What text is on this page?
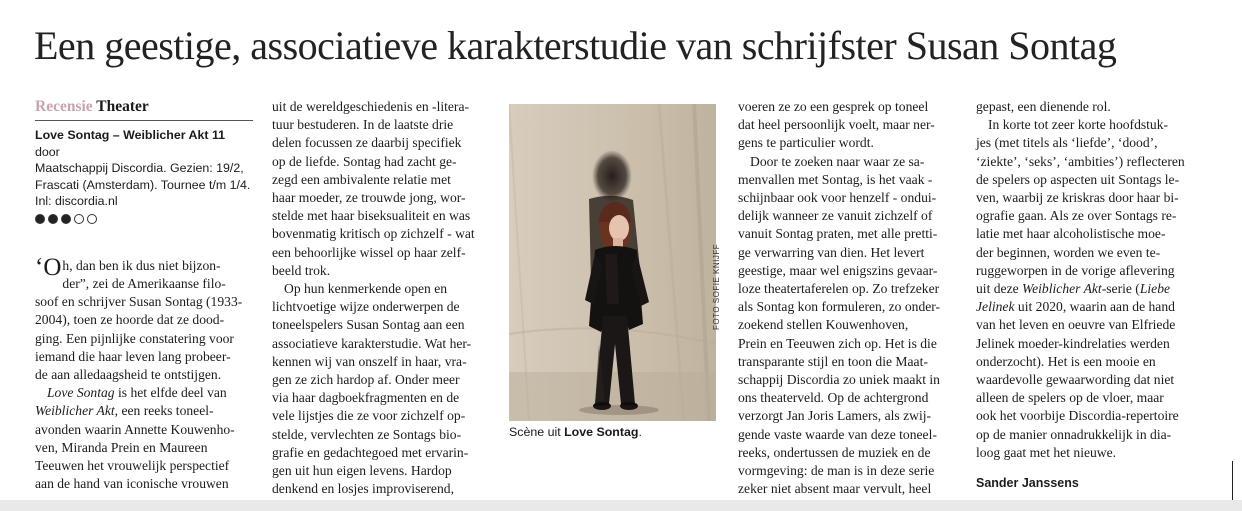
Een geestige, associatieve karakterstudie van schrijfster Susan Sontag
Recensie Theater
Love Sontag – Weiblicher Akt 11 door
Maatschappij Discordia. Gezien: 19/2,
Frascati (Amsterdam). Tournee t/m 1/4.
Inl: discordia.nl

‘O h, dan ben ik dus niet bijzon-
der”, zei de Amerikaanse filo-
soof en schrijver Susan Sontag (1933-
2004), toen ze hoorde dat ze dood-
ging. Een pijnlijke constatering voor
iemand die haar leven lang probeer-
de aan alledaagsheid te ontstijgen.

Love Sontag is het elfde deel van
Weiblicher Akt, een reeks toneel-
avonden waarin Annette Kouwenho-
ven, Miranda Prein en Maureen
Teeuwen het vrouwelijk perspectief
aan de hand van iconische vrouwen

uit de wereldgeschiedenis en -litera-
tuur bestuderen. In de laatste drie
delen focussen ze daarbij specifiek
op de liefde. Sontag had zacht ge-
zegd een ambivalente relatie met
haar moeder, ze trouwde jong, wor-
stelde met haar biseksualiteit en was
bovenmatig kritisch op zichzelf - wat
een behoorlijke wissel op haar zelf-
beeld trok.

Op hun kenmerkende open en
lichtvoetige wijze onderwerpen de
toneelspelers Susan Sontag aan een
associatieve karakterstudie. Wat her-
kennen wij van onszelf in haar, vra-
gen ze zich hardop af. Onder meer
via haar dagboekfragmenten en de
vele lijstjes die ze voor zichzelf op-
stelde, vervlechten ze Sontags bio-
grafie en gedachtegoed met ervarin-
gen uit hun eigen levens. Hardop
denkend en losjes improviserend,

FOTO SOFIE KNIJFF
Scène uit Love Sontag.

voeren ze zo een gesprek op toneel
dat heel persoonlijk voelt, maar ner-
gens te particulier wordt.

Door te zoeken naar waar ze sa-
menvallen met Sontag, is het vaak -
schijnbaar ook voor henzelf - ondui-
delijk wanneer ze vanuit zichzelf of
vanuit Sontag praten, met alle pretti-
ge verwarring van dien. Het levert
geestige, maar wel enigszins gevaar-
loze theatertaferelen op. Zo trefzeker
als Sontag kon formuleren, zo onder-
zoekend stellen Kouwenhoven,
Prein en Teeuwen zich op. Het is die
transparante stijl en toon die Maat-
schappij Discordia zo uniek maakt in
ons theaterveld. Op de achtergrond
verzorgt Jan Joris Lamers, als zwij-
gende vaste waarde van deze toneel-
reeks, ondertussen de muziek en de
vormgeving: de man is in deze serie
zeker niet absent maar vervult, heel

gepast, een dienende rol.

In korte tot zeer korte hoofdstuk-
jes (met titels als ‘liefde’, ‘dood’,
‘ziekte’, ‘seks’, ‘ambities’) reflecteren
de spelers op aspecten uit Sontags le-
ven, waarbij ze kriskras door haar bi-
ografie gaan. Als ze over Sontags re-
latie met haar alcoholistische moe-
der beginnen, worden we even te-
ruggeworpen in de vorige aflevering
uit deze Weiblicher Akt-serie (Liebe
Jelinek uit 2020, waarin aan de hand
van het leven en oeuvre van Elfriede
Jelinek moeder-kindrelaties werden
onderzocht). Het is een mooie en
waardevolle gewaarwording dat niet
alleen de spelers op de vloer, maar
ook het voorbije Discordia-repertoire
op de manier onnadrukkelijk in dia-
loog gaat met het nieuwe.

Sander Janssens
